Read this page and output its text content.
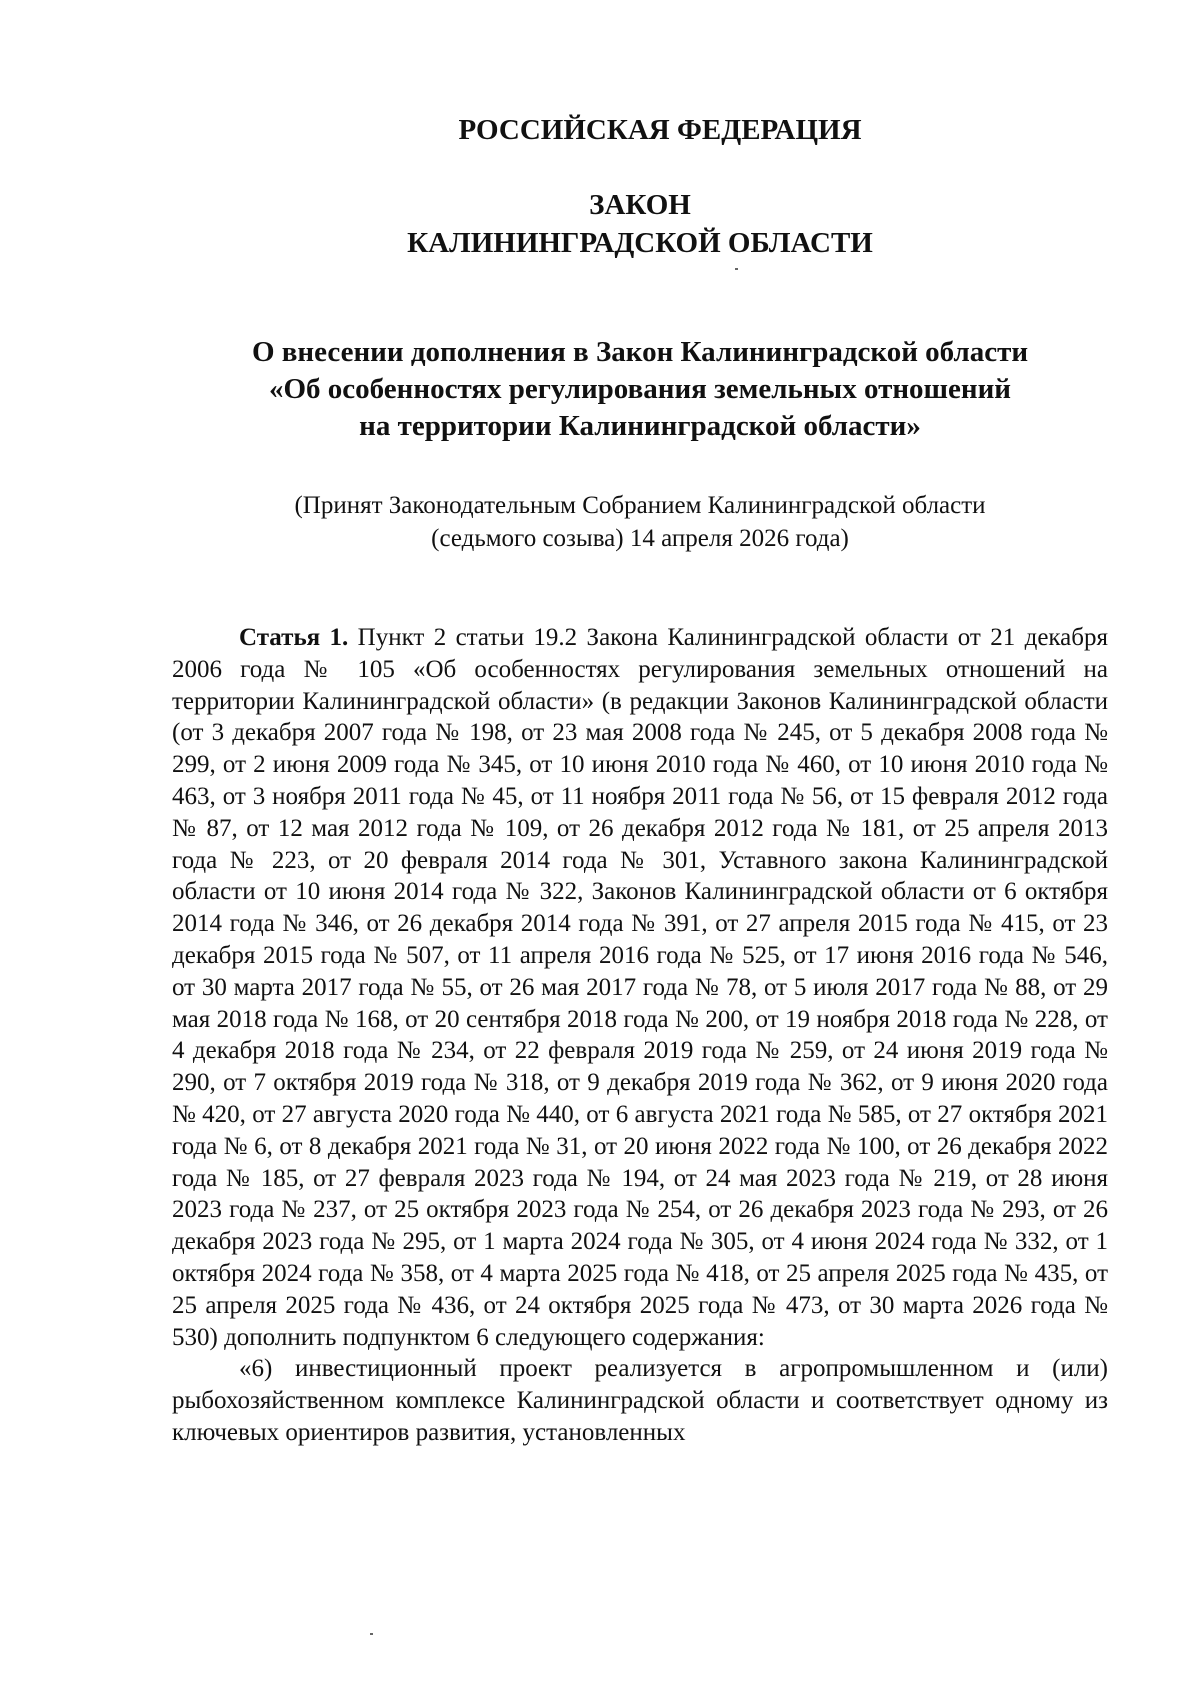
РОССИЙСКАЯ ФЕДЕРАЦИЯ
ЗАКОН
КАЛИНИНГРАДСКОЙ ОБЛАСТИ
О внесении дополнения в Закон Калининградской области
«Об особенностях регулирования земельных отношений
на территории Калининградской области»
(Принят Законодательным Собранием Калининградской области
(седьмого созыва) 14 апреля 2026 года)

Статья 1. Пункт 2 статьи 19.2 Закона Калининградской области от 21 декабря 2006 года № 105 «Об особенностях регулирования земельных отношений на территории Калининградской области» (в редакции Законов Калининградской области (от 3 декабря 2007 года № 198, от 23 мая 2008 года № 245, от 5 декабря 2008 года № 299, от 2 июня 2009 года № 345, от 10 июня 2010 года № 460, от 10 июня 2010 года № 463, от 3 ноября 2011 года № 45, от 11 ноября 2011 года № 56, от 15 февраля 2012 года № 87, от 12 мая 2012 года № 109, от 26 декабря 2012 года № 181, от 25 апреля 2013 года № 223, от 20 февраля 2014 года № 301, Уставного закона Калининградской области от 10 июня 2014 года № 322, Законов Калининградской области от 6 октября 2014 года № 346, от 26 декабря 2014 года № 391, от 27 апреля 2015 года № 415, от 23 декабря 2015 года № 507, от 11 апреля 2016 года № 525, от 17 июня 2016 года № 546, от 30 марта 2017 года № 55, от 26 мая 2017 года № 78, от 5 июля 2017 года № 88, от 29 мая 2018 года № 168, от 20 сентября 2018 года № 200, от 19 ноября 2018 года № 228, от 4 декабря 2018 года № 234, от 22 февраля 2019 года № 259, от 24 июня 2019 года № 290, от 7 октября 2019 года № 318, от 9 декабря 2019 года № 362, от 9 июня 2020 года № 420, от 27 августа 2020 года № 440, от 6 августа 2021 года № 585, от 27 октября 2021 года № 6, от 8 декабря 2021 года № 31, от 20 июня 2022 года № 100, от 26 декабря 2022 года № 185, от 27 февраля 2023 года № 194, от 24 мая 2023 года № 219, от 28 июня 2023 года № 237, от 25 октября 2023 года № 254, от 26 декабря 2023 года № 293, от 26 декабря 2023 года № 295, от 1 марта 2024 года № 305, от 4 июня 2024 года № 332, от 1 октября 2024 года № 358, от 4 марта 2025 года № 418, от 25 апреля 2025 года № 435, от 25 апреля 2025 года № 436, от 24 октября 2025 года № 473, от 30 марта 2026 года № 530) дополнить подпунктом 6 следующего содержания:

«6) инвестиционный проект реализуется в агропромышленном и (или) рыбохозяйственном комплексе Калининградской области и соответствует одному из ключевых ориентиров развития, установленных
